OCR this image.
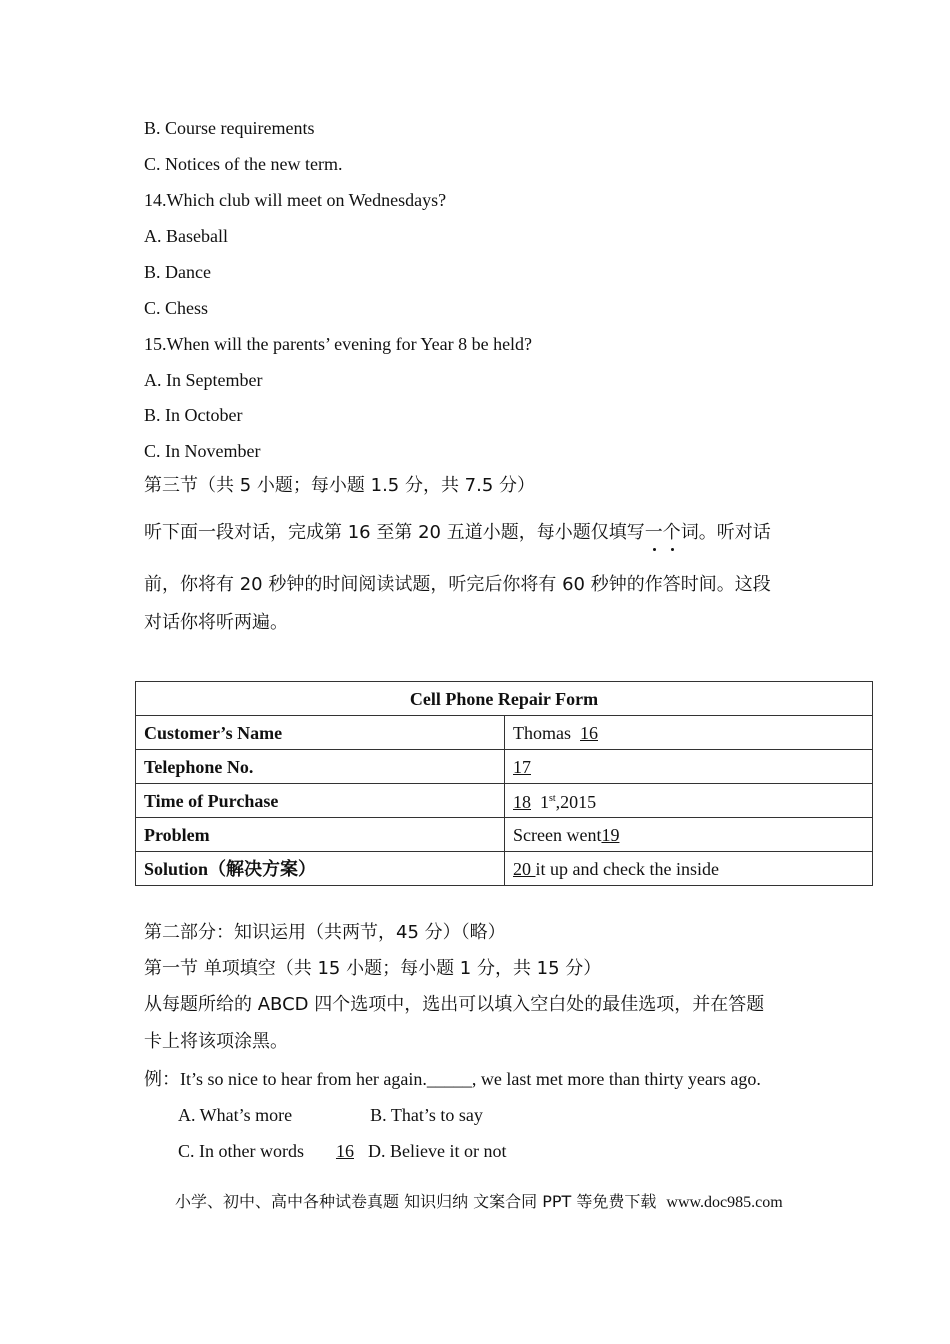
B. Course requirements
C. Notices of the new term.
14.Which club will meet on Wednesdays?
A. Baseball
B. Dance
C. Chess
15.When will the parents’ evening for Year 8 be held?
A. In September
B. In October
C. In November
第三节（共 5 小题；每小题 1.5 分，共 7.5 分）
听下面一段对话，完成第 16 至第 20 五道小题，每小题仅填写一个词。听对话
前，你将有 20 秒钟的时间阅读试题，听完后你将有 60 秒钟的作答时间。这段
对话你将听两遍。
Cell Phone Repair Form	
Customer’s Name	Thomas  16
Telephone No.	17
Time of Purchase	18  1st,2015
Problem	Screen went19
Solution（解决方案）	20 it up and check the inside
第二部分：知识运用（共两节，45 分）（略）
第一节 单项填空（共 15 小题；每小题 1 分，共 15 分）
从每题所给的 ABCD 四个选项中，选出可以填入空白处的最佳选项，并在答题
卡上将该项涂黑。
例：It’s so nice to hear from her again._____, we last met more than thirty years ago.
A. What’s more	B. That’s to say
C. In other words 16 D. Believe it or not
小学、初中、高中各种试卷真题 知识归纳 文案合同 PPT 等免费下载 www.doc985.com
